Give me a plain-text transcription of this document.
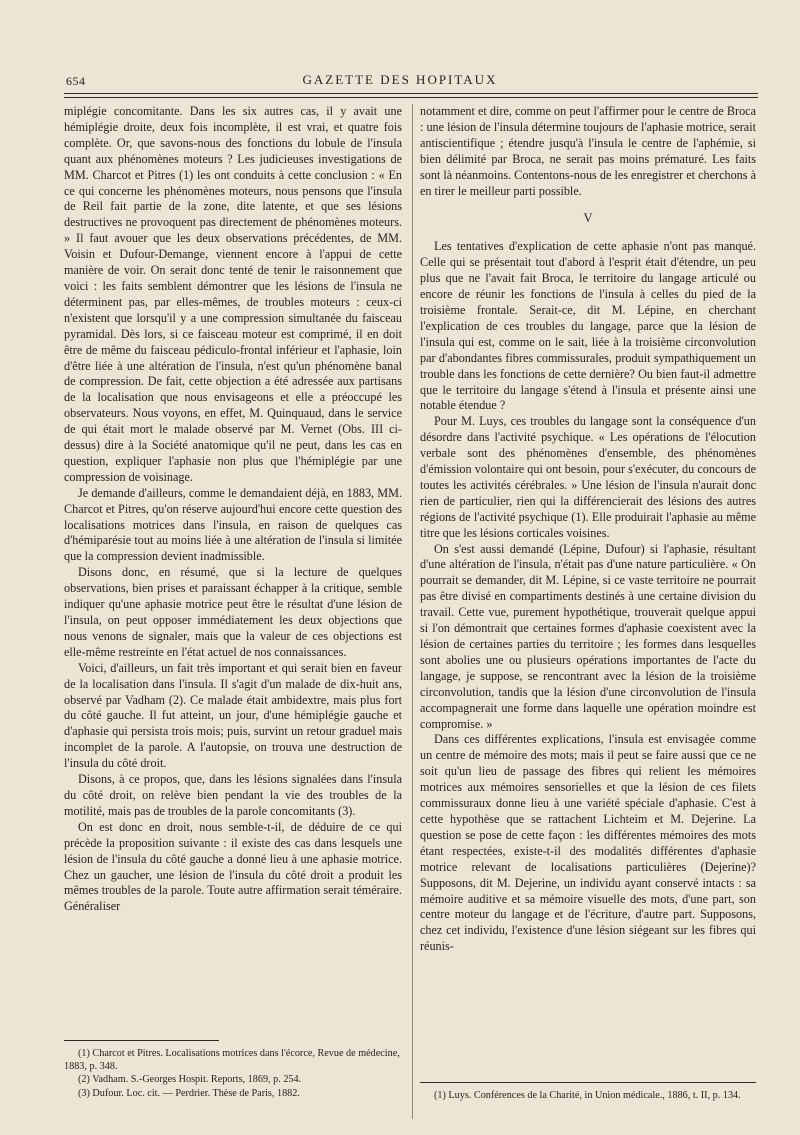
654	GAZETTE DES HOPITAUX

miplégie concomitante. Dans les six autres cas, il y avait une hémiplégie droite, deux fois incomplète, il est vrai, et quatre fois complète. Or, que savons-nous des fonctions du lobule de l'insula quant aux phénomènes moteurs ? Les judicieuses investigations de MM. Charcot et Pitres (1) les ont conduits à cette conclusion : « En ce qui concerne les phénomènes moteurs, nous pensons que l'insula de Reil fait partie de la zone, dite latente, et que ses lésions destructives ne provoquent pas directement de phénomènes moteurs. » Il faut avouer que les deux observations précédentes, de MM. Voisin et Dufour-Demange, viennent encore à l'appui de cette manière de voir. On serait donc tenté de tenir le raisonnement que voici : les faits semblent démontrer que les lésions de l'insula ne déterminent pas, par elles-mêmes, de troubles moteurs : ceux-ci n'existent que lorsqu'il y a une compression simultanée du faisceau pyramidal. Dès lors, si ce faisceau moteur est comprimé, il en doit être de même du faisceau pédiculo-frontal inférieur et l'aphasie, loin d'être liée à une altération de l'insula, n'est qu'un phénomène banal de compression. De fait, cette objection a été adressée aux partisans de la localisation que nous envisageons et elle a préoccupé les observateurs. Nous voyons, en effet, M. Quinquaud, dans le service de qui était mort le malade observé par M. Vernet (Obs. III ci-dessus) dire à la Société anatomique qu'il ne peut, dans les cas en question, expliquer l'aphasie non plus que l'hémiplégie par une compression de voisinage.

Je demande d'ailleurs, comme le demandaient déjà, en 1883, MM. Charcot et Pitres, qu'on réserve aujourd'hui encore cette question des localisations motrices dans l'insula, en raison de quelques cas d'hémiparésie tout au moins liée à une altération de l'insula si limitée que la compression devient inadmissible.

Disons donc, en résumé, que si la lecture de quelques observations, bien prises et paraissant échapper à la critique, semble indiquer qu'une aphasie motrice peut être le résultat d'une lésion de l'insula, on peut opposer immédiatement les deux objections que nous venons de signaler, mais que la valeur de ces objections est elle-même restreinte en l'état actuel de nos connaissances.

Voici, d'ailleurs, un fait très important et qui serait bien en faveur de la localisation dans l'insula. Il s'agit d'un malade de dix-huit ans, observé par Vadham (2). Ce malade était ambidextre, mais plus fort du côté gauche. Il fut atteint, un jour, d'une hémiplégie gauche et d'aphasie qui persista trois mois; puis, survint un retour graduel mais incomplet de la parole. A l'autopsie, on trouva une destruction de l'insula du côté droit.

Disons, à ce propos, que, dans les lésions signalées dans l'insula du côté droit, on relève bien pendant la vie des troubles de la motilité, mais pas de troubles de la parole concomitants (3).

On est donc en droit, nous semble-t-il, de déduire de ce qui précède la proposition suivante : il existe des cas dans lesquels une lésion de l'insula du côté gauche a donné lieu à une aphasie motrice. Chez un gaucher, une lésion de l'insula du côté droit a produit les mêmes troubles de la parole. Toute autre affirmation serait téméraire. Généraliser

(1) Charcot et Pitres. Localisations motrices dans l'écorce, Revue de médecine, 1883, p. 348.

(2) Vadham. S.-Georges Hospit. Reports, 1869, p. 254.

(3) Dufour. Loc. cit. — Perdrier. Thèse de Paris, 1882.

notamment et dire, comme on peut l'affirmer pour le centre de Broca : une lésion de l'insula détermine toujours de l'aphasie motrice, serait antiscientifique ; étendre jusqu'à l'insula le centre de l'aphémie, si bien délimité par Broca, ne serait pas moins prématuré. Les faits sont là néanmoins. Contentons-nous de les enregistrer et cherchons à en tirer le meilleur parti possible.

V

Les tentatives d'explication de cette aphasie n'ont pas manqué. Celle qui se présentait tout d'abord à l'esprit était d'étendre, un peu plus que ne l'avait fait Broca, le territoire du langage articulé ou encore de réunir les fonctions de l'insula à celles du pied de la troisième frontale. Serait-ce, dit M. Lépine, en cherchant l'explication de ces troubles du langage, parce que la lésion de l'insula qui est, comme on le sait, liée à la troisième circonvolution par d'abondantes fibres commissurales, produit sympathiquement un trouble dans les fonctions de cette dernière? Ou bien faut-il admettre que le territoire du langage s'étend à l'insula et présente ainsi une notable étendue ?

Pour M. Luys, ces troubles du langage sont la conséquence d'un désordre dans l'activité psychique. « Les opérations de l'élocution verbale sont des phénomènes d'ensemble, des phénomènes d'émission volontaire qui ont besoin, pour s'exécuter, du concours de toutes les activités cérébrales. » Une lésion de l'insula n'aurait donc rien de particulier, rien qui la différencierait des lésions des autres régions de l'activité psychique (1). Elle produirait l'aphasie au même titre que les lésions corticales voisines.

On s'est aussi demandé (Lépine, Dufour) si l'aphasie, résultant d'une altération de l'insula, n'était pas d'une nature particulière. « On pourrait se demander, dit M. Lépine, si ce vaste territoire ne pourrait pas être divisé en compartiments destinés à une certaine division du travail. Cette vue, purement hypothétique, trouverait quelque appui si l'on démontrait que certaines formes d'aphasie coexistent avec la lésion de certaines parties du territoire ; les formes dans lesquelles sont abolies une ou plusieurs opérations importantes de l'acte du langage, je suppose, se rencontrant avec la lésion de la troisième circonvolution, tandis que la lésion d'une circonvolution de l'insula accompagnerait une forme dans laquelle une opération moindre est compromise. »

Dans ces différentes explications, l'insula est envisagée comme un centre de mémoire des mots; mais il peut se faire aussi que ce ne soit qu'un lieu de passage des fibres qui relient les mémoires motrices aux mémoires sensorielles et que la lésion de ces filets commissuraux donne lieu à une variété spéciale d'aphasie. C'est à cette hypothèse que se rattachent Lichteim et M. Dejerine. La question se pose de cette façon : les différentes mémoires des mots étant respectées, existe-t-il des modalités différentes d'aphasie motrice relevant de localisations particulières (Dejerine)? Supposons, dit M. Dejerine, un individu ayant conservé intacts : sa mémoire auditive et sa mémoire visuelle des mots, d'une part, son centre moteur du langage et de l'écriture, d'autre part. Supposons, chez cet individu, l'existence d'une lésion siégeant sur les fibres qui réunis-

(1) Luys. Conférences de la Charité, in Union médicale., 1886, t. II, p. 134.
